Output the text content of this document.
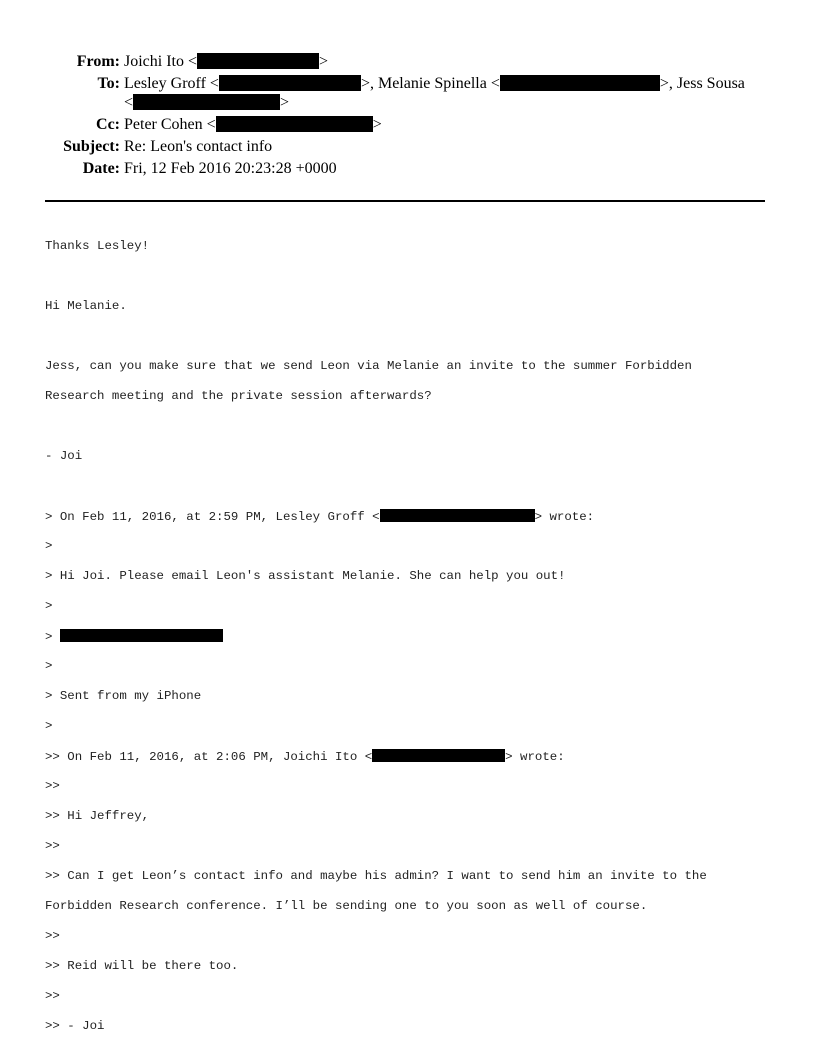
From: Joichi Ito <	>
To: Lesley Groff <	>, Melanie Spinella <	>, Jess Sousa
<	>
Cc: Peter Cohen <	>
Subject: Re: Leon's contact info
Date: Fri, 12 Feb 2016 20:23:28 +0000

Thanks Lesley!

Hi Melanie.

Jess, can you make sure that we send Leon via Melanie an invite to the summer Forbidden

Research meeting and the private session afterwards?

- Joi

> On Feb 11, 2016, at 2:59 PM, Lesley Groff <	> wrote:

>

> Hi Joi. Please email Leon's assistant Melanie. She can help you out!

>

>

>

> Sent from my iPhone

>

>> On Feb 11, 2016, at 2:06 PM, Joichi Ito <	> wrote:

>>

>> Hi Jeffrey,

>>

>> Can I get Leon’s contact info and maybe his admin? I want to send him an invite to the

Forbidden Research conference. I’ll be sending one to you soon as well of course.

>>

>> Reid will be there too.

>>

>> - Joi
